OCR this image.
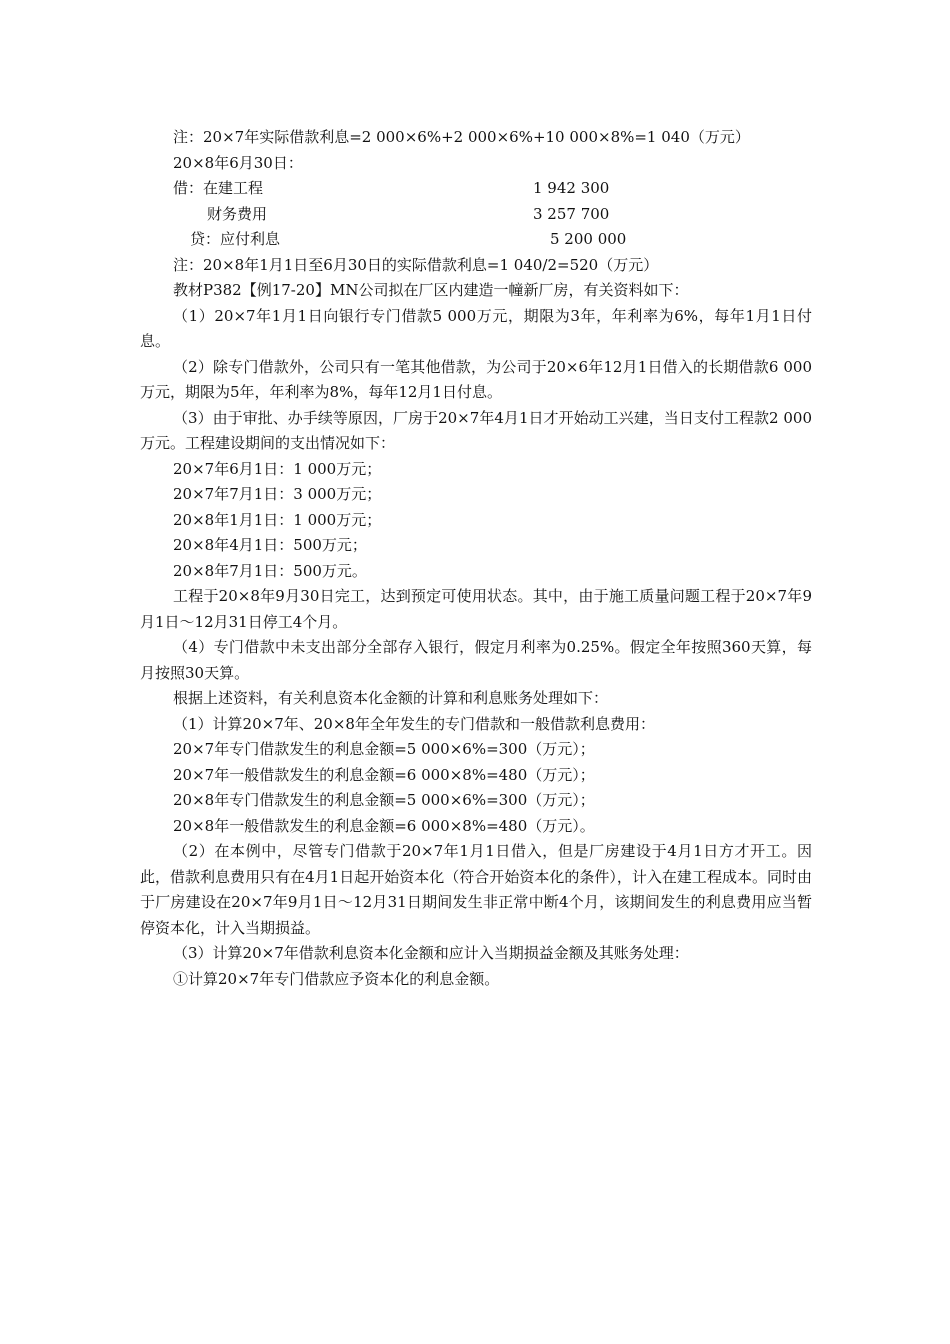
注：20×7年实际借款利息=2 000×6%+2 000×6%+10 000×8%=1 040（万元）
20×8年6月30日：
借：在建工程	1 942 300
财务费用	3 257 700
贷：应付利息	5 200 000
注：20×8年1月1日至6月30日的实际借款利息=1 040/2=520（万元）
教材P382【例17-20】MN公司拟在厂区内建造一幢新厂房，有关资料如下：

（1）20×7年1月1日向银行专门借款5 000万元，期限为3年，年利率为6%，每年1月1日付息。

（2）除专门借款外，公司只有一笔其他借款，为公司于20×6年12月1日借入的长期借款6 000万元，期限为5年，年利率为8%，每年12月1日付息。

（3）由于审批、办手续等原因，厂房于20×7年4月1日才开始动工兴建，当日支付工程款2 000万元。工程建设期间的支出情况如下：

20×7年6月1日：1 000万元；
20×7年7月1日：3 000万元；
20×8年1月1日：1 000万元；
20×8年4月1日：500万元；
20×8年7月1日：500万元。

工程于20×8年9月30日完工，达到预定可使用状态。其中，由于施工质量问题工程于20×7年9月1日～12月31日停工4个月。

（4）专门借款中未支出部分全部存入银行，假定月利率为0.25%。假定全年按照360天算，每月按照30天算。

根据上述资料，有关利息资本化金额的计算和利息账务处理如下：

（1）计算20×7年、20×8年全年发生的专门借款和一般借款利息费用：

20×7年专门借款发生的利息金额=5 000×6%=300（万元）；
20×7年一般借款发生的利息金额=6 000×8%=480（万元）；
20×8年专门借款发生的利息金额=5 000×6%=300（万元）；
20×8年一般借款发生的利息金额=6 000×8%=480（万元）。

（2）在本例中，尽管专门借款于20×7年1月1日借入，但是厂房建设于4月1日方才开工。因此，借款利息费用只有在4月1日起开始资本化（符合开始资本化的条件），计入在建工程成本。同时由于厂房建设在20×7年9月1日～12月31日期间发生非正常中断4个月，该期间发生的利息费用应当暂停资本化，计入当期损益。

（3）计算20×7年借款利息资本化金额和应计入当期损益金额及其账务处理：

①计算20×7年专门借款应予资本化的利息金额。
